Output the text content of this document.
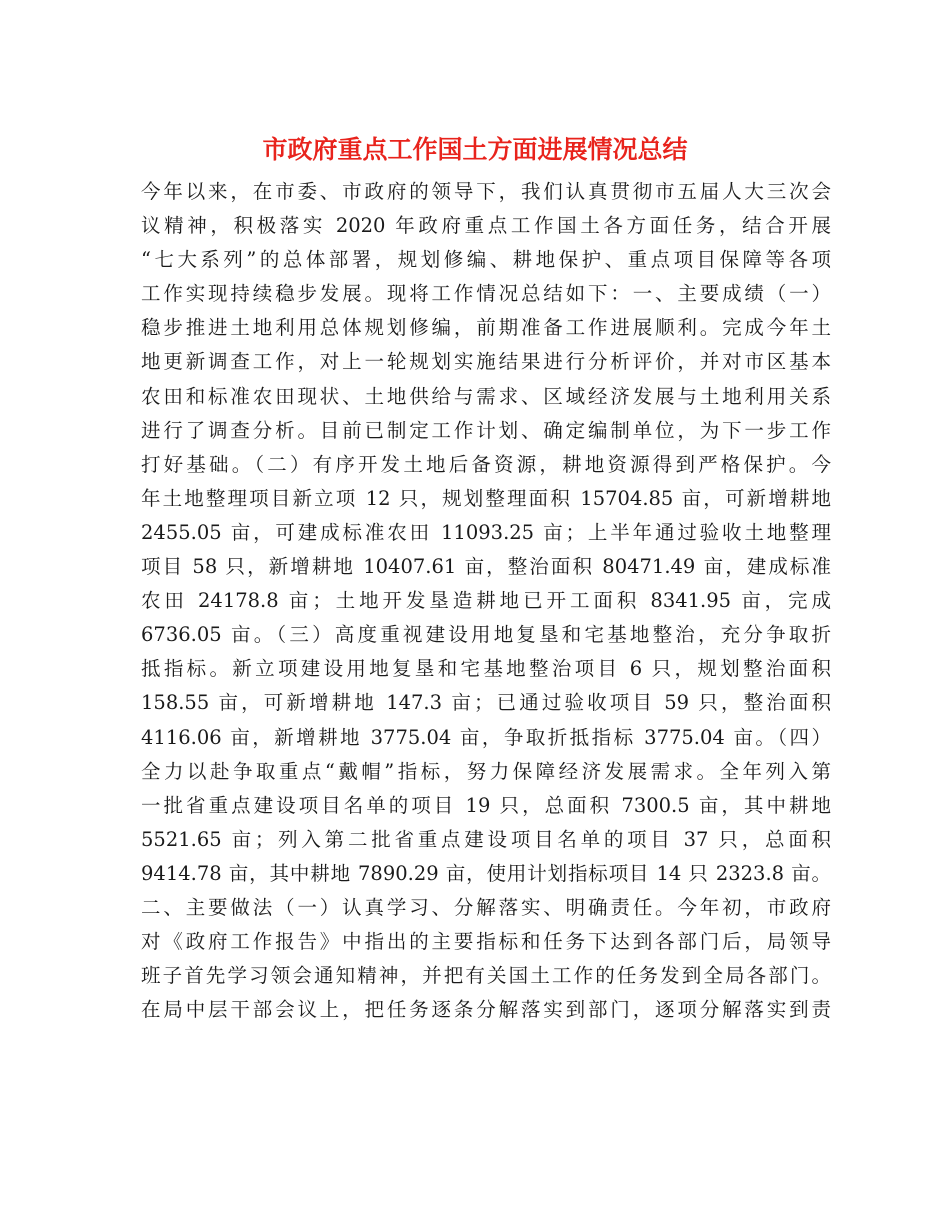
市政府重点工作国土方面进展情况总结
今年以来，在市委、市政府的领导下，我们认真贯彻市五届人大三次会
议精神，积极落实 2020 年政府重点工作国土各方面任务，结合开展
“七大系列”的总体部署，规划修编、耕地保护、重点项目保障等各项
工作实现持续稳步发展。现将工作情况总结如下：一、主要成绩（一）
稳步推进土地利用总体规划修编，前期准备工作进展顺利。完成今年土
地更新调查工作，对上一轮规划实施结果进行分析评价，并对市区基本
农田和标准农田现状、土地供给与需求、区域经济发展与土地利用关系
进行了调查分析。目前已制定工作计划、确定编制单位，为下一步工作
打好基础。（二）有序开发土地后备资源，耕地资源得到严格保护。今
年土地整理项目新立项 12 只，规划整理面积 15704.85 亩，可新增耕地
2455.05 亩，可建成标准农田 11093.25 亩；上半年通过验收土地整理
项目 58 只，新增耕地 10407.61 亩，整治面积 80471.49 亩，建成标准
农田 24178.8 亩；土地开发垦造耕地已开工面积 8341.95 亩，完成
6736.05 亩。（三）高度重视建设用地复垦和宅基地整治，充分争取折
抵指标。新立项建设用地复垦和宅基地整治项目 6 只，规划整治面积
158.55 亩，可新增耕地 147.3 亩；已通过验收项目 59 只，整治面积
4116.06 亩，新增耕地 3775.04 亩，争取折抵指标 3775.04 亩。（四）
全力以赴争取重点“戴帽”指标，努力保障经济发展需求。全年列入第
一批省重点建设项目名单的项目 19 只，总面积 7300.5 亩，其中耕地
5521.65 亩；列入第二批省重点建设项目名单的项目 37 只，总面积
9414.78 亩，其中耕地 7890.29 亩，使用计划指标项目 14 只 2323.8 亩。
二、主要做法（一）认真学习、分解落实、明确责任。今年初，市政府
对《政府工作报告》中指出的主要指标和任务下达到各部门后，局领导
班子首先学习领会通知精神，并把有关国土工作的任务发到全局各部门。
在局中层干部会议上，把任务逐条分解落实到部门，逐项分解落实到责
